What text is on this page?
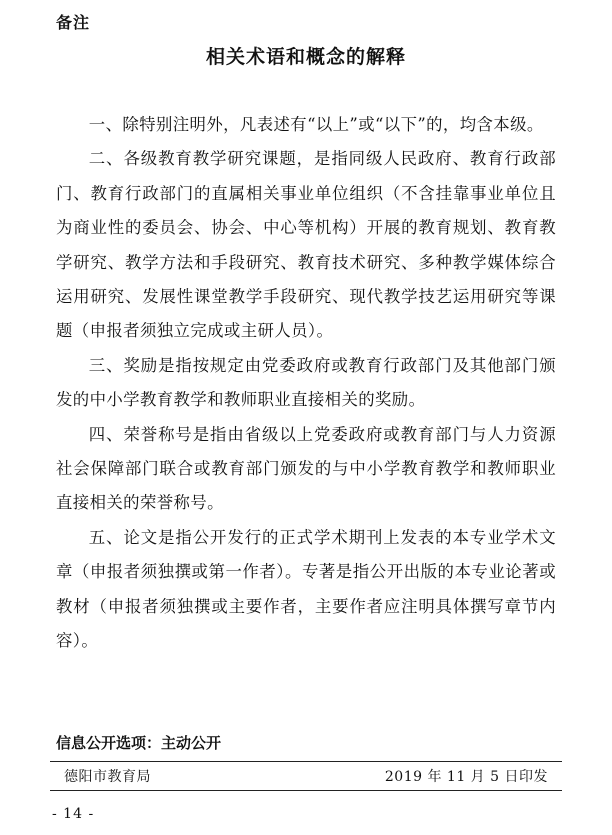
备注
相关术语和概念的解释

一、除特别注明外，凡表述有“以上”或“以下”的，均含本级。

二、各级教育教学研究课题，是指同级人民政府、教育行政部门、教育行政部门的直属相关事业单位组织（不含挂靠事业单位且为商业性的委员会、协会、中心等机构）开展的教育规划、教育教学研究、教学方法和手段研究、教育技术研究、多种教学媒体综合运用研究、发展性课堂教学手段研究、现代教学技艺运用研究等课题（申报者须独立完成或主研人员）。

三、奖励是指按规定由党委政府或教育行政部门及其他部门颁发的中小学教育教学和教师职业直接相关的奖励。

四、荣誉称号是指由省级以上党委政府或教育部门与人力资源社会保障部门联合或教育部门颁发的与中小学教育教学和教师职业直接相关的荣誉称号。

五、论文是指公开发行的正式学术期刊上发表的本专业学术文章（申报者须独撰或第一作者）。专著是指公开出版的本专业论著或教材（申报者须独撰或主要作者，主要作者应注明具体撰写章节内容）。

信息公开选项：主动公开
德阳市教育局	2019 年 11 月 5 日印发
- 14 -
